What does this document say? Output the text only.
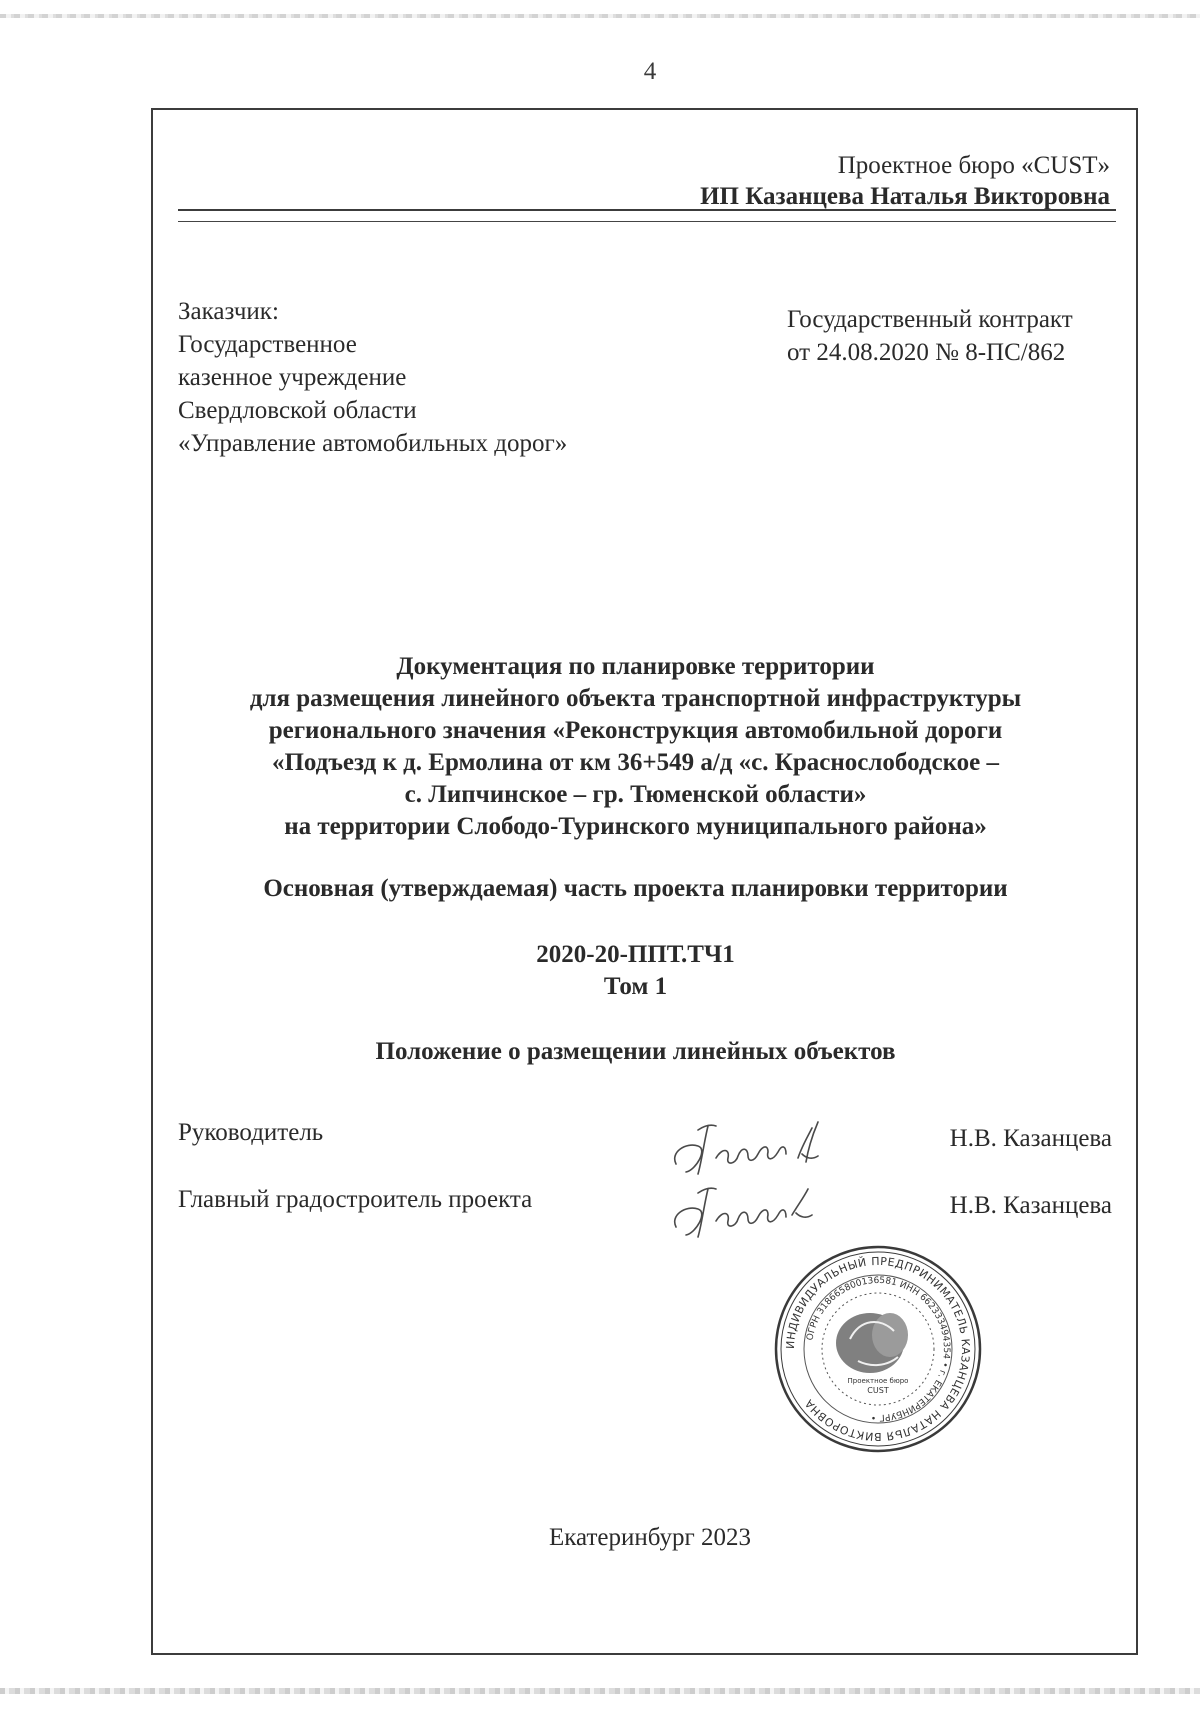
4
Проектное бюро «CUST»
ИП Казанцева Наталья Викторовна
Заказчик:
Государственное
казенное учреждение
Свердловской области
«Управление автомобильных дорог»
Государственный контракт
от 24.08.2020 № 8-ПС/862
Документация по планировке территории
для размещения линейного объекта транспортной инфраструктуры
регионального значения «Реконструкция автомобильной дороги
«Подъезд к д. Ермолина от км 36+549 а/д «с. Краснослободское –
с. Липчинское – гр. Тюменской области»
на территории Слободо-Туринского муниципального района»
Основная (утверждаемая) часть проекта планировки территории
2020-20-ППТ.ТЧ1
Том 1
Положение о размещении линейных объектов
Руководитель	Н.В. Казанцева
Главный градостроитель проекта	Н.В. Казанцева
ИНДИВИДУАЛЬНЫЙ ПРЕДПРИНИМАТЕЛЬ КАЗАНЦЕВА НАТАЛЬЯ ВИКТОРОВНА
ОГРН 318665800136581 ИНН 662333494354 • г. ЕКАТЕРИНБУРГ •
Проектное бюро
CUST
Екатеринбург 2023
